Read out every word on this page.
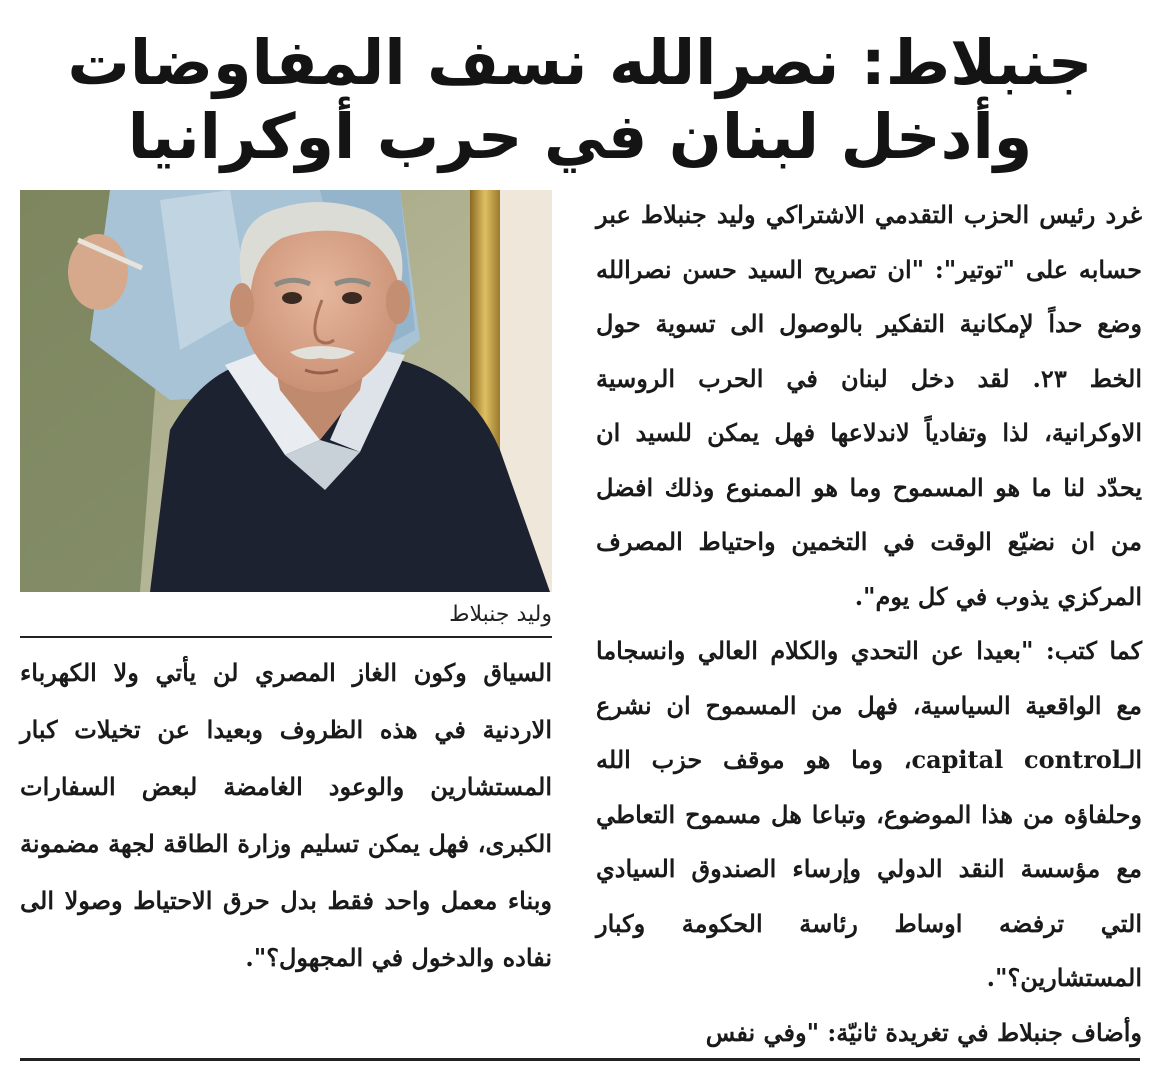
جنبلاط: نصرالله نسف المفاوضات
وأدخل لبنان في حرب أوكرانيا
وليد جنبلاط

غرد رئيس الحزب التقدمي الاشتراكي وليد جنبلاط عبر حسابه على "توتير": "ان تصريح السيد حسن نصرالله وضع حداً لإمكانية التفكير بالوصول الى تسوية حول الخط ٢٣. لقد دخل لبنان في الحرب الروسية الاوكرانية، لذا وتفادياً لاندلاعها فهل يمكن للسيد ان يحدّد لنا ما هو المسموح وما هو الممنوع وذلك افضل من ان نضيّع الوقت في التخمين واحتياط المصرف المركزي يذوب في كل يوم".

كما كتب: "بعيدا عن التحدي والكلام العالي وانسجاما مع الواقعية السياسية، فهل من المسموح ان نشرع الـcapital control، وما هو موقف حزب الله وحلفاؤه من هذا الموضوع، وتباعا هل مسموح التعاطي مع مؤسسة النقد الدولي وإرساء الصندوق السيادي التي ترفضه اوساط رئاسة الحكومة وكبار المستشارين؟".

وأضاف جنبلاط في تغريدة ثانيّة: "وفي نفس

السياق وكون الغاز المصري لن يأتي ولا الكهرباء الاردنية في هذه الظروف وبعيدا عن تخيلات كبار المستشارين والوعود الغامضة لبعض السفارات الكبرى، فهل يمكن تسليم وزارة الطاقة لجهة مضمونة وبناء معمل واحد فقط بدل حرق الاحتياط وصولا الى نفاده والدخول في المجهول؟".
